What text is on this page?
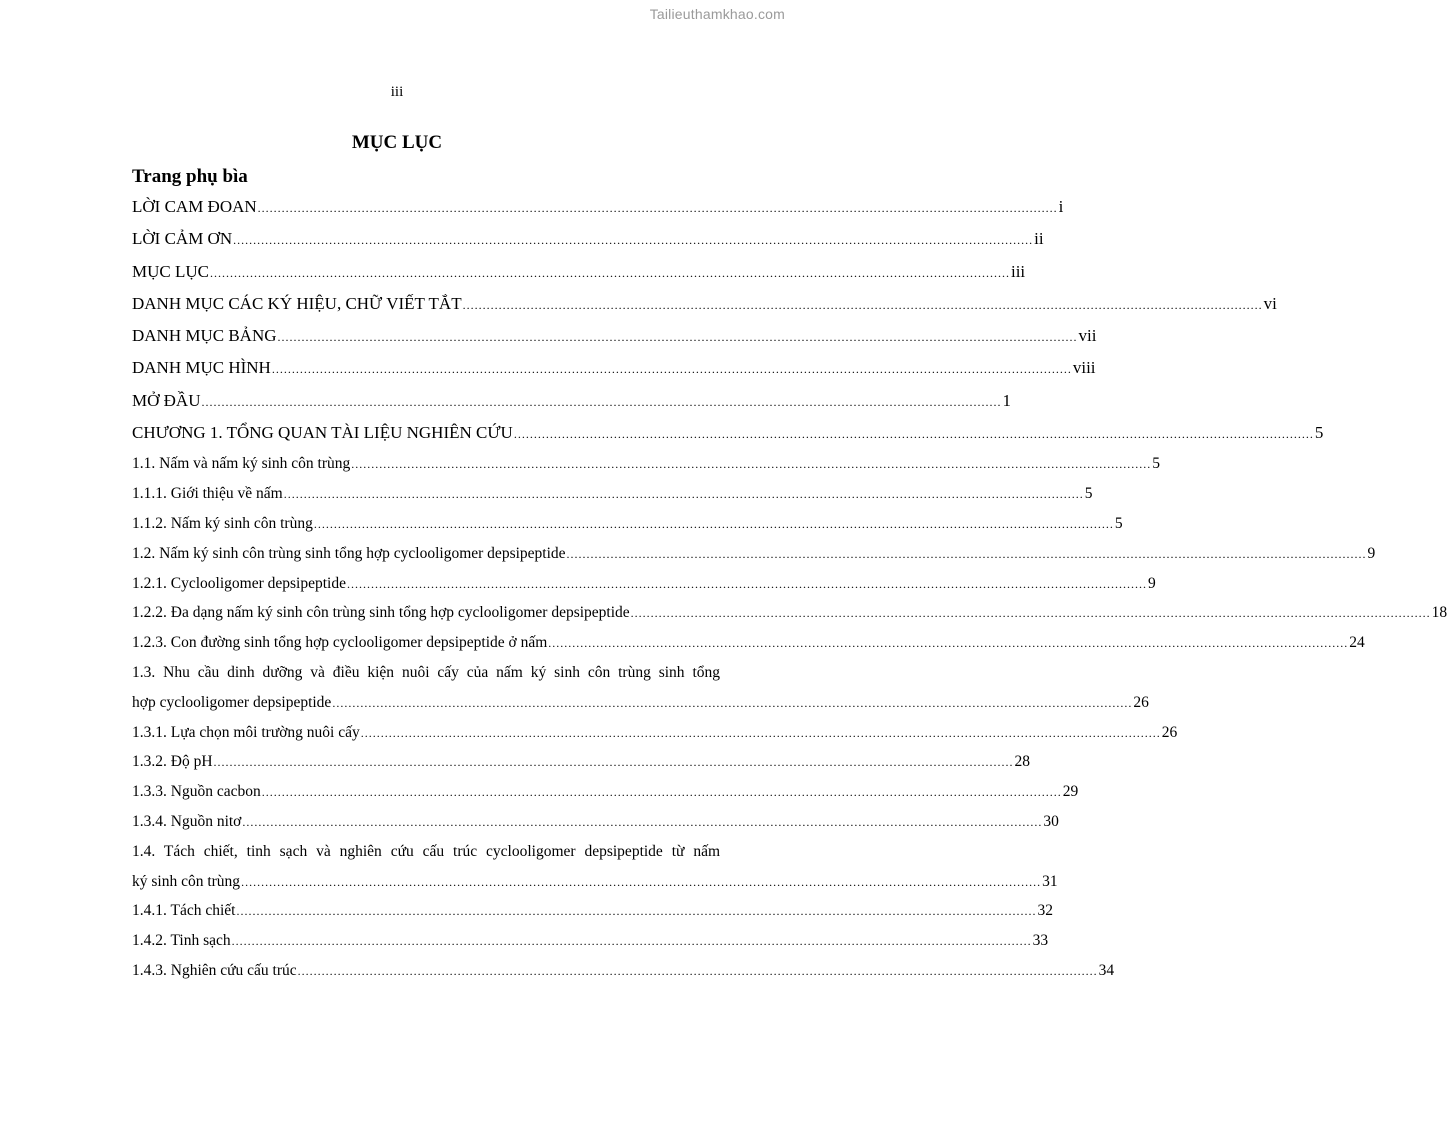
Tailieuthamkhao.com
iii
MỤC LỤC
Trang phụ bìa
LỜI CAM ĐOAN ........................................................................................................................................................................................................ i
LỜI CẢM ƠN ........................................................................................................................................................................................................ ii
MỤC LỤC ........................................................................................................................................................................................................ iii
DANH MỤC CÁC KÝ HIỆU, CHỮ VIẾT TẮT ........................................................................................................................................................................................................ vi
DANH MỤC BẢNG ........................................................................................................................................................................................................ vii
DANH MỤC HÌNH ........................................................................................................................................................................................................ viii
MỞ ĐẦU ........................................................................................................................................................................................................ 1
CHƯƠNG 1. TỔNG QUAN TÀI LIỆU NGHIÊN CỨU ........................................................................................................................................................................................................ 5
1.1. Nấm và nấm ký sinh côn trùng ........................................................................................................................................................................................................ 5
1.1.1. Giới thiệu về nấm ........................................................................................................................................................................................................ 5
1.1.2. Nấm ký sinh côn trùng ........................................................................................................................................................................................................ 5
1.2. Nấm ký sinh côn trùng sinh tổng hợp cyclooligomer depsipeptide ........................................................................................................................................................................................................ 9
1.2.1. Cyclooligomer depsipeptide ........................................................................................................................................................................................................ 9
1.2.2. Đa dạng nấm ký sinh côn trùng sinh tổng hợp cyclooligomer depsipeptide ........................................................................................................................................................................................................ 18
1.2.3. Con đường sinh tổng hợp cyclooligomer depsipeptide ở nấm ........................................................................................................................................................................................................ 24
1.3. Nhu cầu dinh dưỡng và điều kiện nuôi cấy của nấm ký sinh côn trùng sinh tổng
hợp cyclooligomer depsipeptide ........................................................................................................................................................................................................ 26
1.3.1. Lựa chọn môi trường nuôi cấy ........................................................................................................................................................................................................ 26
1.3.2. Độ pH ........................................................................................................................................................................................................ 28
1.3.3. Nguồn cacbon ........................................................................................................................................................................................................ 29
1.3.4. Nguồn nitơ ........................................................................................................................................................................................................ 30
1.4. Tách chiết, tinh sạch và nghiên cứu cấu trúc cyclooligomer depsipeptide từ nấm
ký sinh côn trùng ........................................................................................................................................................................................................ 31
1.4.1. Tách chiết ........................................................................................................................................................................................................ 32
1.4.2. Tinh sạch ........................................................................................................................................................................................................ 33
1.4.3. Nghiên cứu cấu trúc ........................................................................................................................................................................................................ 34
